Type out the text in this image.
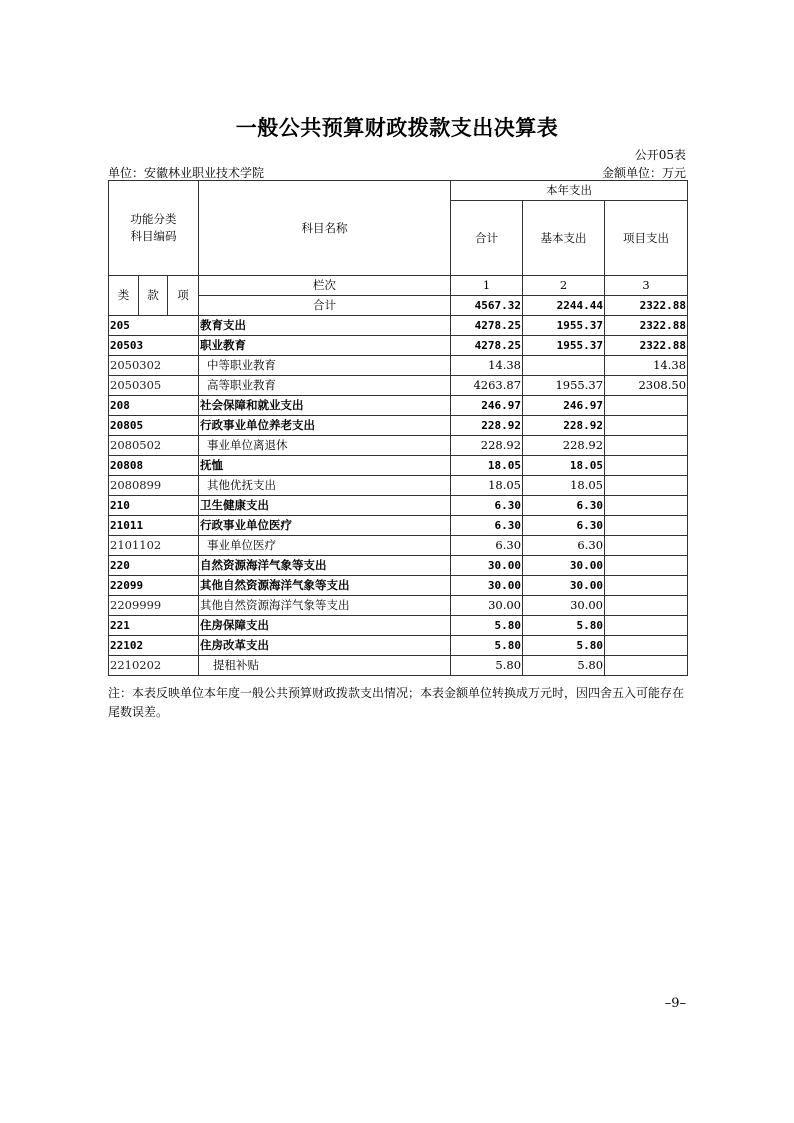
一般公共预算财政拨款支出决算表
公开05表
单位：安徽林业职业技术学院	金额单位：万元
功能分类
科目编码			科目名称	本年支出		
				合计	基本支出	项目支出

类	款	项	栏次	1	2	3
			合计	4567.32	2244.44	2322.88
205			教育支出	4278.25	1955.37	2322.88
20503			职业教育	4278.25	1955.37	2322.88
2050302			中等职业教育	14.38		14.38
2050305			高等职业教育	4263.87	1955.37	2308.50
208			社会保障和就业支出	246.97	246.97	
20805			行政事业单位养老支出	228.92	228.92	
2080502			事业单位离退休	228.92	228.92	
20808			抚恤	18.05	18.05	
2080899			其他优抚支出	18.05	18.05	
210			卫生健康支出	6.30	6.30	
21011			行政事业单位医疗	6.30	6.30	
2101102			事业单位医疗	6.30	6.30	
220			自然资源海洋气象等支出	30.00	30.00	
22099			其他自然资源海洋气象等支出	30.00	30.00	
2209999			其他自然资源海洋气象等支出	30.00	30.00	
221			住房保障支出	5.80	5.80	
22102			住房改革支出	5.80	5.80	
2210202			提租补贴	5.80	5.80	
注：本表反映单位本年度一般公共预算财政拨款支出情况；本表金额单位转换成万元时，因四舍五入可能存在尾数误差。
–9–
